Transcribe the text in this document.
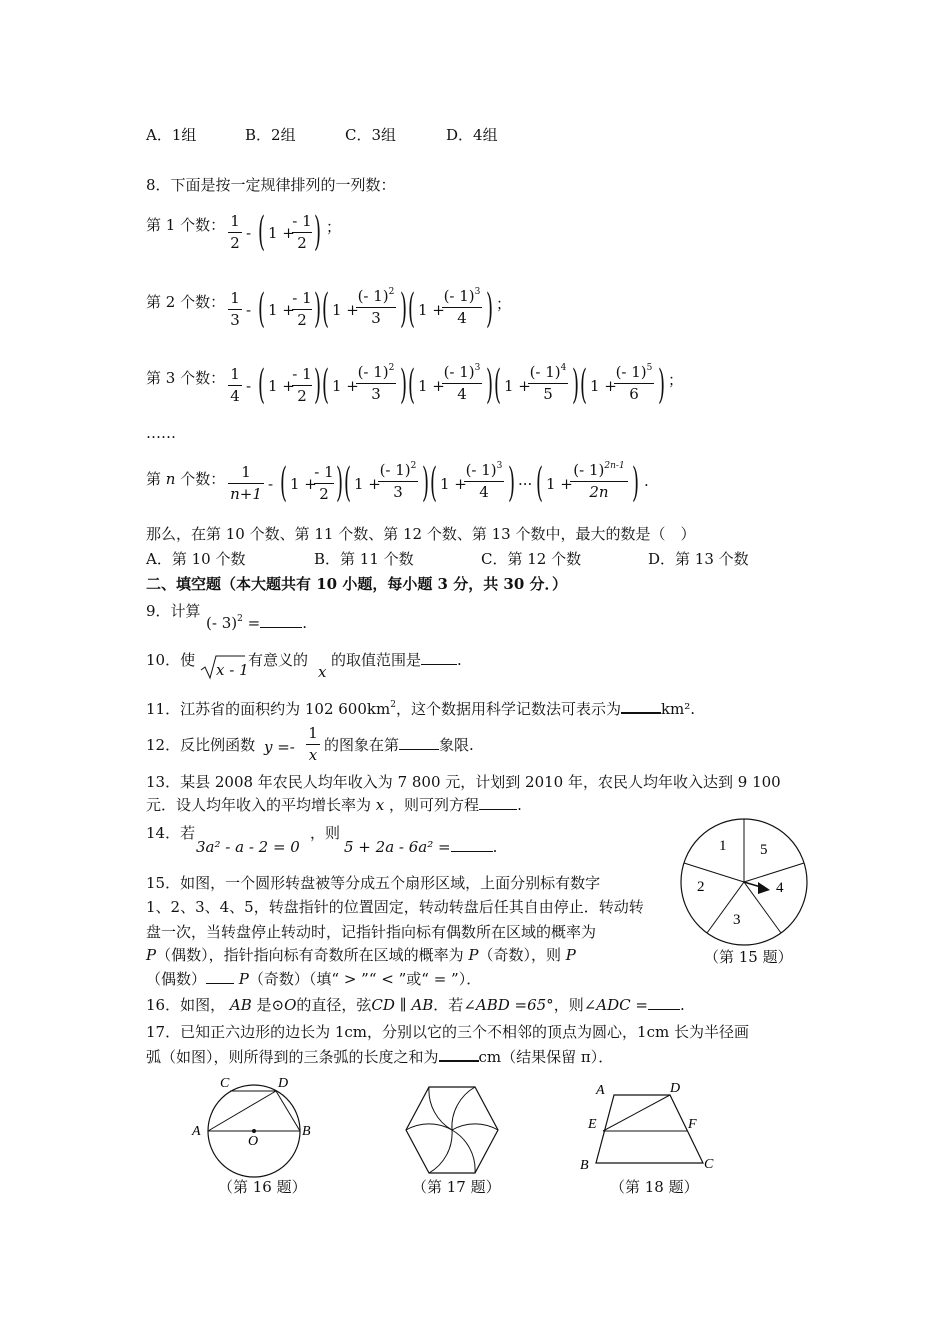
A．1组	B．2组	C．3组	D．4组
8．下面是按一定规律排列的一列数：
第 1 个数： 1
2
- ( 1 +
- 1
2 ) ；
第 2 个数： 1
3
- ( 1 +
- 1
2 ) ( 1 +
(- 1)$^2$
3 ) ( 1 +
(- 1)$^3$
4 ) ；
第 3 个数： 1
4
- ( 1 +
- 1
2 ) ( 1 +
(- 1)$^2$
3 ) ( 1 +
(- 1)$^3$
4 ) ( 1 +
(- 1)$^4$
5 ) ( 1 +
(- 1)$^5$
6 ) ；
……
第 n 个数：	1
n+1
- ( 1 +
- 1
2 ) ( 1 +
(- 1)$^2$
3 ) ( 1 +
(- 1)$^3$
4 ) ··· ( 1 +
(- 1)$^{2n-1}$
2n ) .
那么，在第 10 个数、第 11 个数、第 12 个数、第 13 个数中，最大的数是（　）
A．第 10 个数	B．第 11 个数	C．第 12 个数	D．第 13 个数
二、填空题（本大题共有 10 小题，每小题 3 分，共 30 分．）
9．计算
(- 3)$^2$ =	.
10．使
x - 1
有意义的
x
的取值范围是 .
11．江苏省的面积约为 102 $600km^2$，这个数据用科学记数法可表示为	km².
12．反比例函数 y =-
1
x
的图象在第	象限.
13．某县 2008 年农民人均年收入为 7 800 元，计划到 2010 年，农民人均年收入达到 9 100
元．设人均年收入的平均增长率为 x ，则可列方程	.
14．若
3a² - a - 2 = 0
，则
5 + 2a - 6a² =	.
15．如图，一个圆形转盘被等分成五个扇形区域，上面分别标有数字
1、2、3、4、5，转盘指针的位置固定，转动转盘后任其自由停止．转动转
盘一次，当转盘停止转动时，记指针指向标有偶数所在区域的概率为
P（偶数），指针指向标有奇数所在区域的概率为 P（奇数），则 P
（偶数） P（奇数）（填“ > ”“ < ”或“ = ”）．
1
2
3
4
5
（第 15 题）
16．如图， AB 是⊙O的直径，弦CD ∥ AB．若∠ABD =65°，则∠ADC = .
17．已知正六边形的边长为 1cm，分别以它的三个不相邻的顶点为圆心，1cm 长为半径画
弧（如图），则所得到的三条弧的长度之和为	cm（结果保留 π）．
A	B
C	D
O
（第 16 题）	（第 17 题）
A	D
E	F
B	C
（第 18 题）
